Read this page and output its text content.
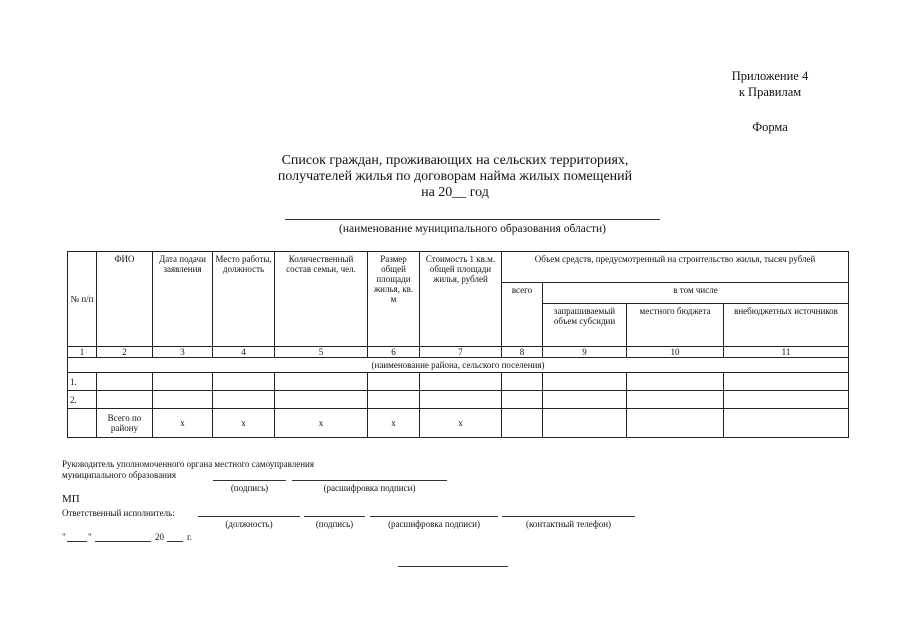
Приложение 4
к Правилам
Форма
Список граждан, проживающих на сельских территориях,
получателей жилья по договорам найма жилых помещений
на 20__ год
(наименование муниципального образования области)
№ п/п	ФИО	Дата подачи заявления	Место работы, должность	Количественный состав семьи, чел.	Размер общей площади жилья, кв. м	Стоимость 1 кв.м. общей площади жилья, рублей	Объем средств, предусмотренный на строительство жилья, тысяч рублей			
							всего	в том числе		
								запрашиваемый объем субсидии	местного бюджета	внебюджетных источников
1	2	3	4	5	6	7	8	9	10	11
(наименование района, сельского поселения)										
1.										
2.										
	Всего по району	х	х	х	х	х				
Руководитель уполномоченного органа местного самоуправления
муниципального образования
(подпись)	(расшифровка подписи)
МП
Ответственный исполнитель:
(должность)	(подпись)	(расшифровка подписи)	(контактный телефон)
" "	20	г.
